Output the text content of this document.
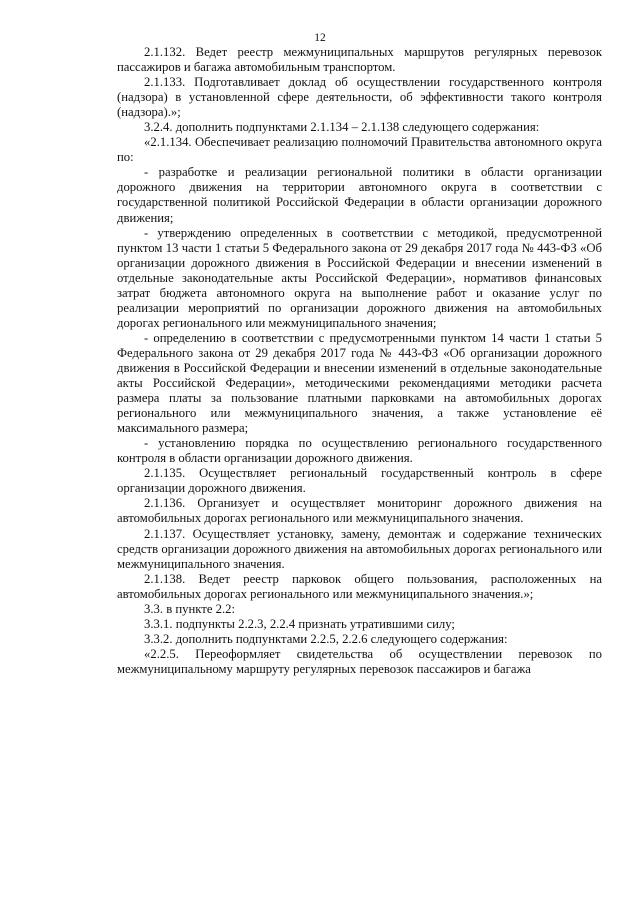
12

2.1.132. Ведет реестр межмуниципальных маршрутов регулярных перевозок пассажиров и багажа автомобильным транспортом.

2.1.133. Подготавливает доклад об осуществлении государственного контроля (надзора) в установленной сфере деятельности, об эффективности такого контроля (надзора).»;

3.2.4. дополнить подпунктами 2.1.134 – 2.1.138 следующего содержания:

«2.1.134. Обеспечивает реализацию полномочий Правительства автономного округа по:

- разработке и реализации региональной политики в области организации дорожного движения на территории автономного округа в соответствии с государственной политикой Российской Федерации в области организации дорожного движения;

- утверждению определенных в соответствии с методикой, предусмотренной пунктом 13 части 1 статьи 5 Федерального закона от 29 декабря 2017 года № 443-ФЗ «Об организации дорожного движения в Российской Федерации и внесении изменений в отдельные законодательные акты Российской Федерации», нормативов финансовых затрат бюджета автономного округа на выполнение работ и оказание услуг по реализации мероприятий по организации дорожного движения на автомобильных дорогах регионального или межмуниципального значения;

- определению в соответствии с предусмотренными пунктом 14 части 1 статьи 5 Федерального закона от 29 декабря 2017 года № 443-ФЗ «Об организации дорожного движения в Российской Федерации и внесении изменений в отдельные законодательные акты Российской Федерации», методическими рекомендациями методики расчета размера платы за пользование платными парковками на автомобильных дорогах регионального или межмуниципального значения, а также установление её максимального размера;

- установлению порядка по осуществлению регионального государственного контроля в области организации дорожного движения.

2.1.135. Осуществляет региональный государственный контроль в сфере организации дорожного движения.

2.1.136. Организует и осуществляет мониторинг дорожного движения на автомобильных дорогах регионального или межмуниципального значения.

2.1.137. Осуществляет установку, замену, демонтаж и содержание технических средств организации дорожного движения на автомобильных дорогах регионального или межмуниципального значения.

2.1.138. Ведет реестр парковок общего пользования, расположенных на автомобильных дорогах регионального или межмуниципального значения.»;

3.3. в пункте 2.2:

3.3.1. подпункты 2.2.3, 2.2.4 признать утратившими силу;

3.3.2. дополнить подпунктами 2.2.5, 2.2.6 следующего содержания:

«2.2.5. Переоформляет свидетельства об осуществлении перевозок по межмуниципальному маршруту регулярных перевозок пассажиров и багажа
